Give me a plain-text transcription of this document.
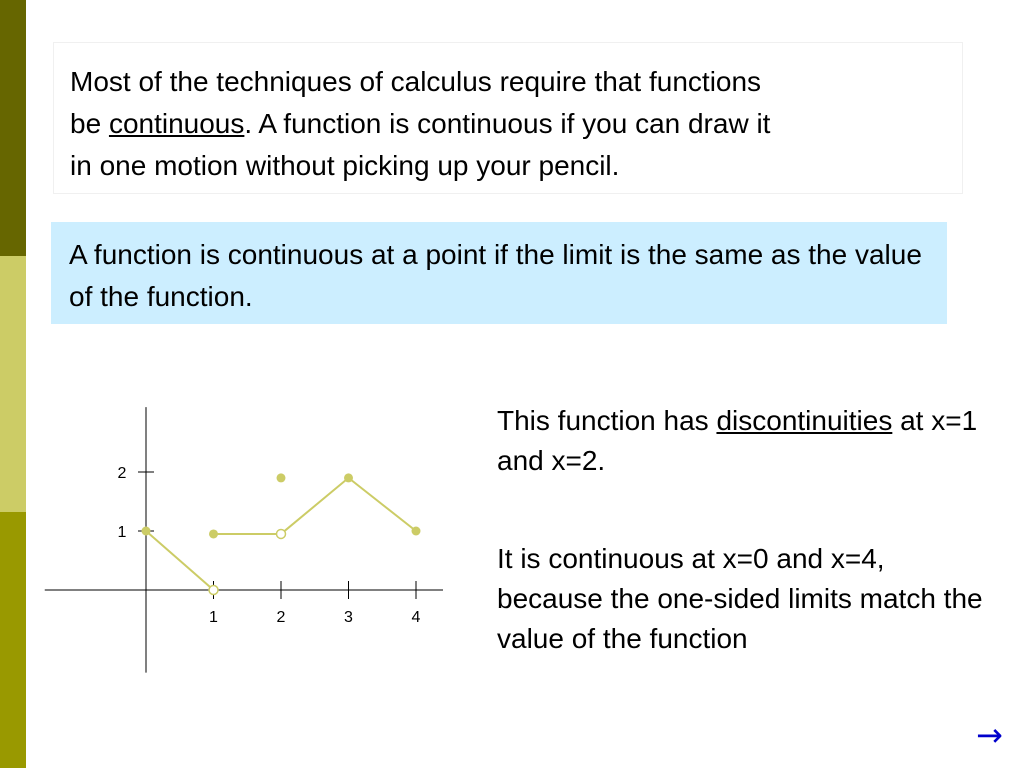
Most of the techniques of calculus require that functions
be continuous. A function is continuous if you can draw it
in one motion without picking up your pencil.
A function is continuous at a point if the limit is the same as the value of the function.
1	2	3	4
1
2
This function has discontinuities at x=1 and x=2.
It is continuous at x=0 and x=4, because the one-sided limits match the value of the function
→
